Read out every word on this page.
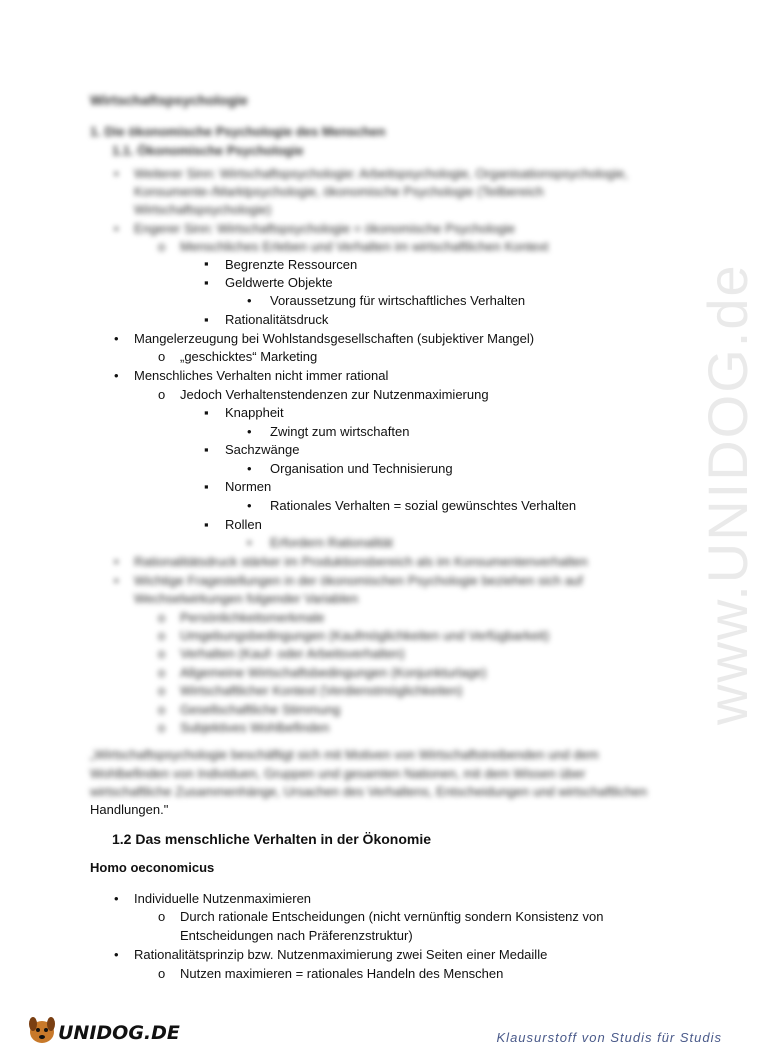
www.UNIDOG.de
Wirtschaftspsychologie
1. Die ökonomische Psychologie des Menschen
1.1. Ökonomische Psychologie
• Weiterer Sinn: Wirtschaftspsychologie: Arbeitspsychologie, Organisationspsychologie,
Konsumente-/Marktpsychologie, ökonomische Psychologie (Teilbereich
Wirtschaftspsychologie)
• Engerer Sinn: Wirtschaftspsychologie = ökonomische Psychologie
o Menschliches Erleben und Verhalten im wirtschaftlichen Kontext
▪ Begrenzte Ressourcen
▪ Geldwerte Objekte
• Voraussetzung für wirtschaftliches Verhalten
▪ Rationalitätsdruck
• Mangelerzeugung bei Wohlstandsgesellschaften (subjektiver Mangel)
o „geschicktes“ Marketing
• Menschliches Verhalten nicht immer rational
o Jedoch Verhaltenstendenzen zur Nutzenmaximierung
▪ Knappheit
• Zwingt zum wirtschaften
▪ Sachzwänge
• Organisation und Technisierung
▪ Normen
• Rationales Verhalten = sozial gewünschtes Verhalten
▪ Rollen
• Erfordern Rationalität
• Rationalitätsdruck stärker im Produktionsbereich als im Konsumentenverhalten
• Wichtige Fragestellungen in der ökonomischen Psychologie beziehen sich auf
Wechselwirkungen folgender Variablen
o Persönlichkeitsmerkmale
o Umgebungsbedingungen (Kaufmöglichkeiten und Verfügbarkeit)
o Verhalten (Kauf- oder Arbeitsverhalten)
o Allgemeine Wirtschaftsbedingungen (Konjunkturlage)
o Wirtschaftlicher Kontext (Verdienstmöglichkeiten)
o Gesellschaftliche Stimmung
o Subjektives Wohlbefinden
„Wirtschaftspsychologie beschäftigt sich mit Motiven von Wirtschaftstreibenden und dem
Wohlbefinden von Individuen, Gruppen und gesamten Nationen, mit dem Wissen über
wirtschaftliche Zusammenhänge, Ursachen des Verhaltens, Entscheidungen und wirtschaftlichen
Handlungen."
1.2 Das menschliche Verhalten in der Ökonomie
Homo oeconomicus
• Individuelle Nutzenmaximieren
o Durch rationale Entscheidungen (nicht vernünftig sondern Konsistenz von
Entscheidungen nach Präferenzstruktur)
• Rationalitätsprinzip bzw. Nutzenmaximierung zwei Seiten einer Medaille
o Nutzen maximieren = rationales Handeln des Menschen
UNIDOG.DE	Klausurstoff von Studis für Studis
